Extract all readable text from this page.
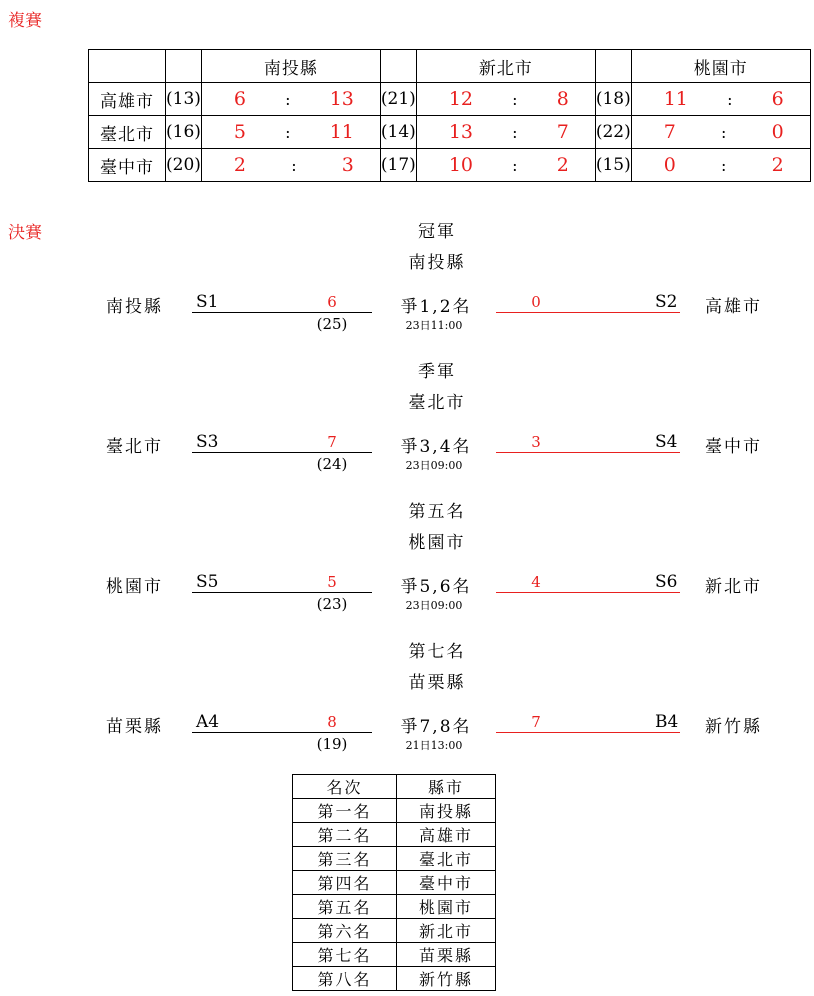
複賽
		南投縣		新北市		桃園市
高雄市	(13)	6 : 13	(21)	12 : 8	(18)	11 : 6

臺北市	(16)	5 : 11	(14)	13 : 7	(22)	7 : 0

臺中市	(20)	2 : 3	(17)	10 : 2	(15)	0 : 2
決賽	冠軍
南投縣
南投縣 S1	6
(25)
爭1,2名
23日11:00
0	S2 高雄市
季軍
臺北市
臺北市 S3	7
(24)
爭3,4名
23日09:00
3	S4 臺中市
第五名
桃園市
桃園市 S5	5
(23)
爭5,6名
23日09:00
4	S6 新北市
第七名
苗栗縣
苗栗縣 A4	8
(19)
爭7,8名
21日13:00
7	B4 新竹縣
名次	縣市
第一名	南投縣
第二名	高雄市
第三名	臺北市
第四名	臺中市
第五名	桃園市
第六名	新北市
第七名	苗栗縣
第八名	新竹縣
